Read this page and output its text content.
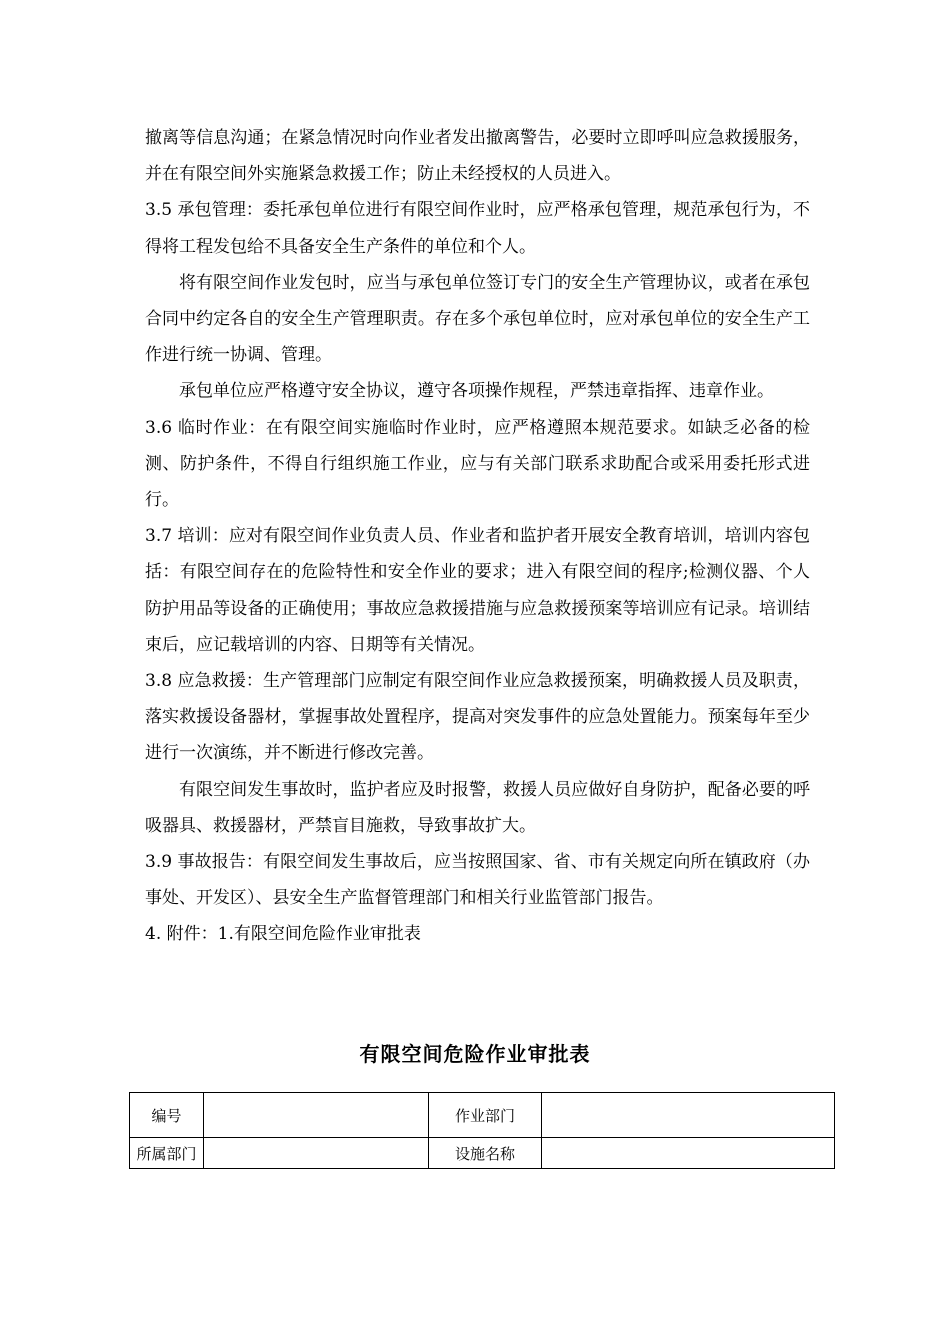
撤离等信息沟通；在紧急情况时向作业者发出撤离警告，必要时立即呼叫应急救援服务，并在有限空间外实施紧急救援工作；防止未经授权的人员进入。

3.5 承包管理：委托承包单位进行有限空间作业时，应严格承包管理，规范承包行为，不得将工程发包给不具备安全生产条件的单位和个人。

将有限空间作业发包时，应当与承包单位签订专门的安全生产管理协议，或者在承包合同中约定各自的安全生产管理职责。存在多个承包单位时，应对承包单位的安全生产工作进行统一协调、管理。

承包单位应严格遵守安全协议，遵守各项操作规程，严禁违章指挥、违章作业。

3.6 临时作业：在有限空间实施临时作业时，应严格遵照本规范要求。如缺乏必备的检测、防护条件，不得自行组织施工作业，应与有关部门联系求助配合或采用委托形式进行。

3.7 培训：应对有限空间作业负责人员、作业者和监护者开展安全教育培训，培训内容包括：有限空间存在的危险特性和安全作业的要求；进入有限空间的程序;检测仪器、个人防护用品等设备的正确使用；事故应急救援措施与应急救援预案等培训应有记录。培训结束后，应记载培训的内容、日期等有关情况。

3.8 应急救援：生产管理部门应制定有限空间作业应急救援预案，明确救援人员及职责，落实救援设备器材，掌握事故处置程序，提高对突发事件的应急处置能力。预案每年至少进行一次演练，并不断进行修改完善。

有限空间发生事故时，监护者应及时报警，救援人员应做好自身防护，配备必要的呼吸器具、救援器材，严禁盲目施救，导致事故扩大。

3.9 事故报告：有限空间发生事故后，应当按照国家、省、市有关规定向所在镇政府（办事处、开发区）、县安全生产监督管理部门和相关行业监管部门报告。

4. 附件：1.有限空间危险作业审批表

有限空间危险作业审批表
编号		作业部门	
所属部门		设施名称	
